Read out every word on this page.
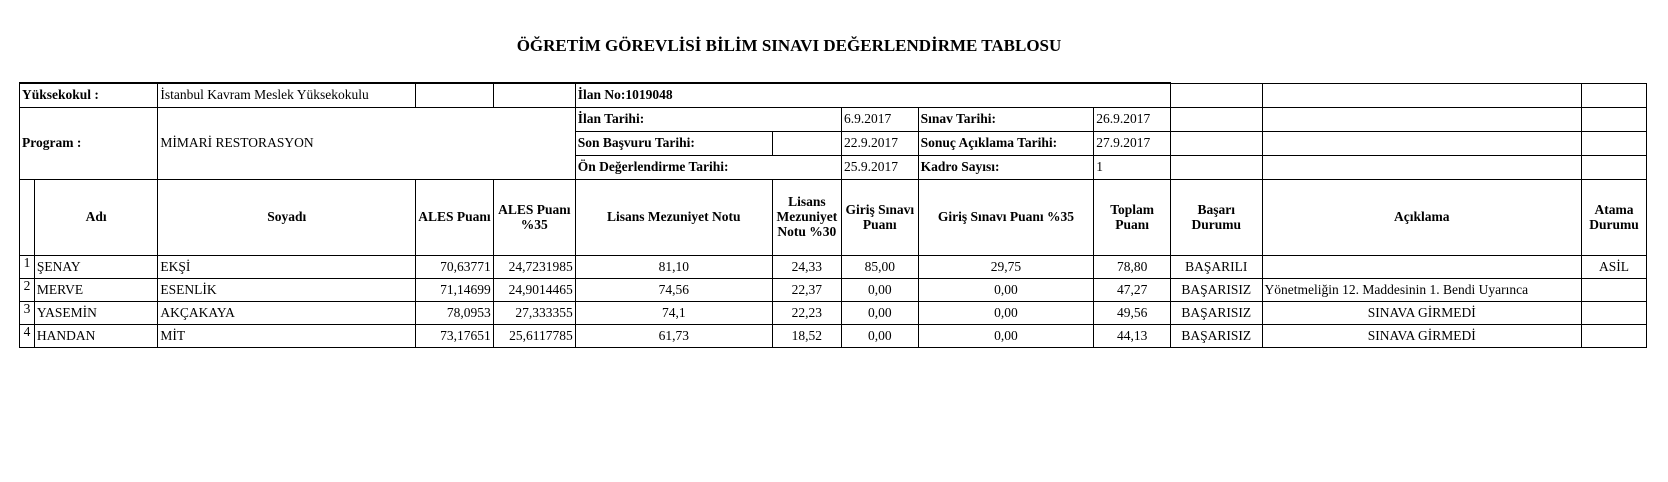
ÖĞRETİM GÖREVLİSİ BİLİM SINAVI DEĞERLENDİRME TABLOSU
Yüksekokul :		İstanbul Kavram Meslek Yüksekokulu			İlan No:1019048							
Program :		MİMARİ RESTORASYON			İlan Tarihi:		6.9.2017	Sınav Tarihi:	26.9.2017			
					Son Başvuru Tarihi:		22.9.2017	Sonuç Açıklama Tarihi:	27.9.2017			
					Ön Değerlendirme Tarihi:		25.9.2017	Kadro Sayısı:	1			
	Adı	Soyadı	ALES Puanı	ALES Puanı %35	Lisans Mezuniyet Notu	Lisans Mezuniyet Notu %30	Giriş Sınavı Puanı	Giriş Sınavı Puanı %35	Toplam Puanı	Başarı Durumu	Açıklama	Atama Durumu
1	ŞENAY	EKŞİ	70,63771	24,7231985	81,10	24,33	85,00	29,75	78,80	BAŞARILI		ASİL
2	MERVE	ESENLİK	71,14699	24,9014465	74,56	22,37	0,00	0,00	47,27	BAŞARISIZ	Yönetmeliğin 12. Maddesinin 1. Bendi Uyarınca	
3	YASEMİN	AKÇAKAYA	78,0953	27,333355	74,1	22,23	0,00	0,00	49,56	BAŞARISIZ	SINAVA GİRMEDİ	
4	HANDAN	MİT	73,17651	25,6117785	61,73	18,52	0,00	0,00	44,13	BAŞARISIZ	SINAVA GİRMEDİ	
